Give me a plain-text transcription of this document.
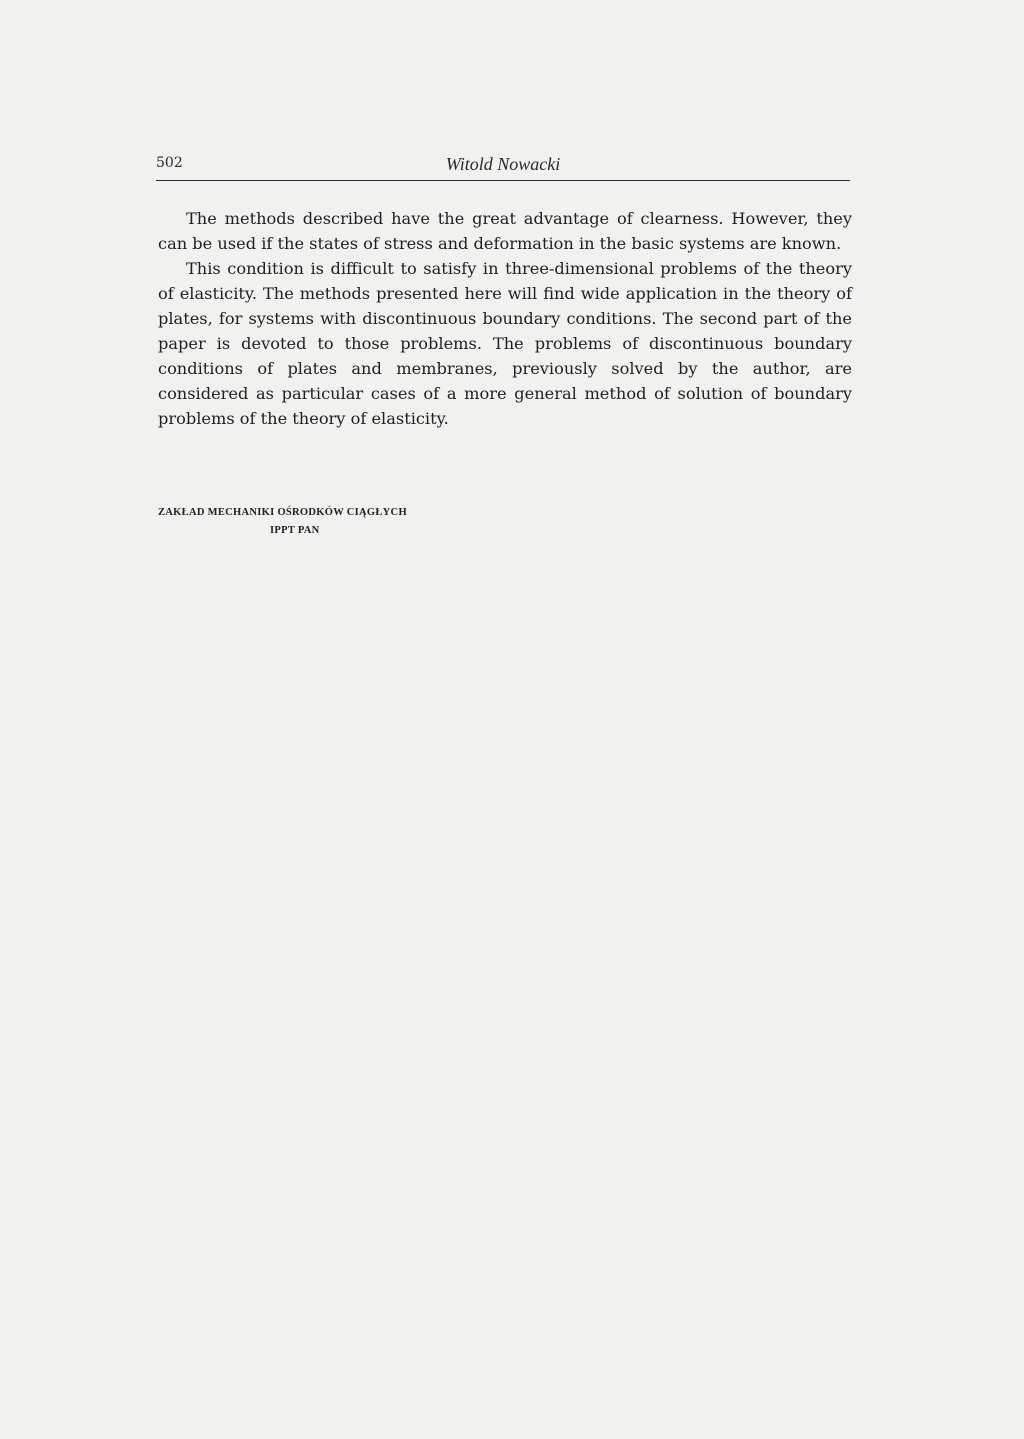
502	Witold Nowacki

The methods described have the great advantage of clearness. However, they can be used if the states of stress and deformation in the basic systems are known.

This condition is difficult to satisfy in three-dimensional problems of the theory of elasticity. The methods presented here will find wide application in the theory of plates, for systems with discontinuous boundary conditions. The second part of the paper is devoted to those problems. The problems of discontinuous boundary conditions of plates and membranes, previously solved by the author, are considered as particular cases of a more general method of solution of boundary problems of the theory of elasticity.

ZAKŁAD MECHANIKI OŚRODKÓW CIĄGŁYCH
IPPT PAN
